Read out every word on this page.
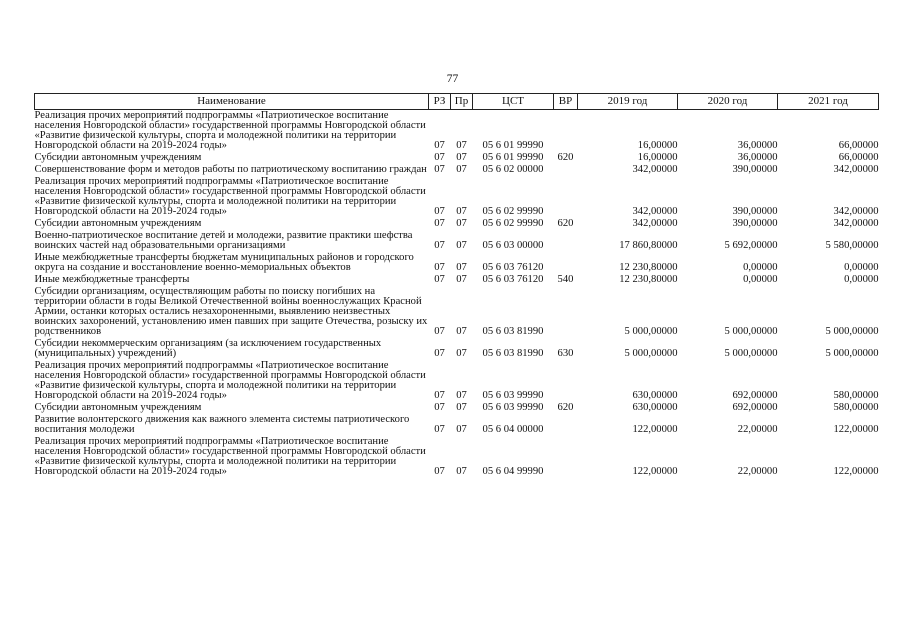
77
Наименование	РЗ	Пр	ЦСТ	ВР	2019 год	2020 год	2021 год
Реализация прочих мероприятий подпрограммы «Патриотическое воспитание населения Новгородской области» государственной программы Новгородской области «Развитие физической культуры, спорта и молодежной политики на территории Новгородской области на 2019-2024 годы»	07	07	05 6 01 99990		16,00000	36,00000	66,00000
Субсидии автономным учреждениям	07	07	05 6 01 99990	620	16,00000	36,00000	66,00000
Совершенствование форм и методов работы по патриотическому воспитанию граждан	07	07	05 6 02 00000		342,00000	390,00000	342,00000
Реализация прочих мероприятий подпрограммы «Патриотическое воспитание населения Новгородской области» государственной программы Новгородской области «Развитие физической культуры, спорта и молодежной политики на территории Новгородской области на 2019-2024 годы»	07	07	05 6 02 99990		342,00000	390,00000	342,00000
Субсидии автономным учреждениям	07	07	05 6 02 99990	620	342,00000	390,00000	342,00000
Военно-патриотическое воспитание детей и молодежи, развитие практики шефства воинских частей над образовательными организациями	07	07	05 6 03 00000		17 860,80000	5 692,00000	5 580,00000
Иные межбюджетные трансферты бюджетам муниципальных районов и городского округа на создание и восстановление военно-мемориальных объектов	07	07	05 6 03 76120		12 230,80000	0,00000	0,00000
Иные межбюджетные трансферты	07	07	05 6 03 76120	540	12 230,80000	0,00000	0,00000
Субсидии организациям, осуществляющим работы по поиску погибших на территории области в годы Великой Отечественной войны военнослужащих Красной Армии, останки которых остались незахороненными, выявлению неизвестных воинских захоронений, установлению имен павших при защите Отечества, розыску их родственников	07	07	05 6 03 81990		5 000,00000	5 000,00000	5 000,00000
Субсидии некоммерческим организациям (за исключением государственных (муниципальных) учреждений)	07	07	05 6 03 81990	630	5 000,00000	5 000,00000	5 000,00000
Реализация прочих мероприятий подпрограммы «Патриотическое воспитание населения Новгородской области» государственной программы Новгородской области «Развитие физической культуры, спорта и молодежной политики на территории Новгородской области на 2019-2024 годы»	07	07	05 6 03 99990		630,00000	692,00000	580,00000
Субсидии автономным учреждениям	07	07	05 6 03 99990	620	630,00000	692,00000	580,00000
Развитие волонтерского движения как важного элемента системы патриотического воспитания молодежи	07	07	05 6 04 00000		122,00000	22,00000	122,00000
Реализация прочих мероприятий подпрограммы «Патриотическое воспитание населения Новгородской области» государственной программы Новгородской области «Развитие физической культуры, спорта и молодежной политики на территории Новгородской области на 2019-2024 годы»	07	07	05 6 04 99990		122,00000	22,00000	122,00000
